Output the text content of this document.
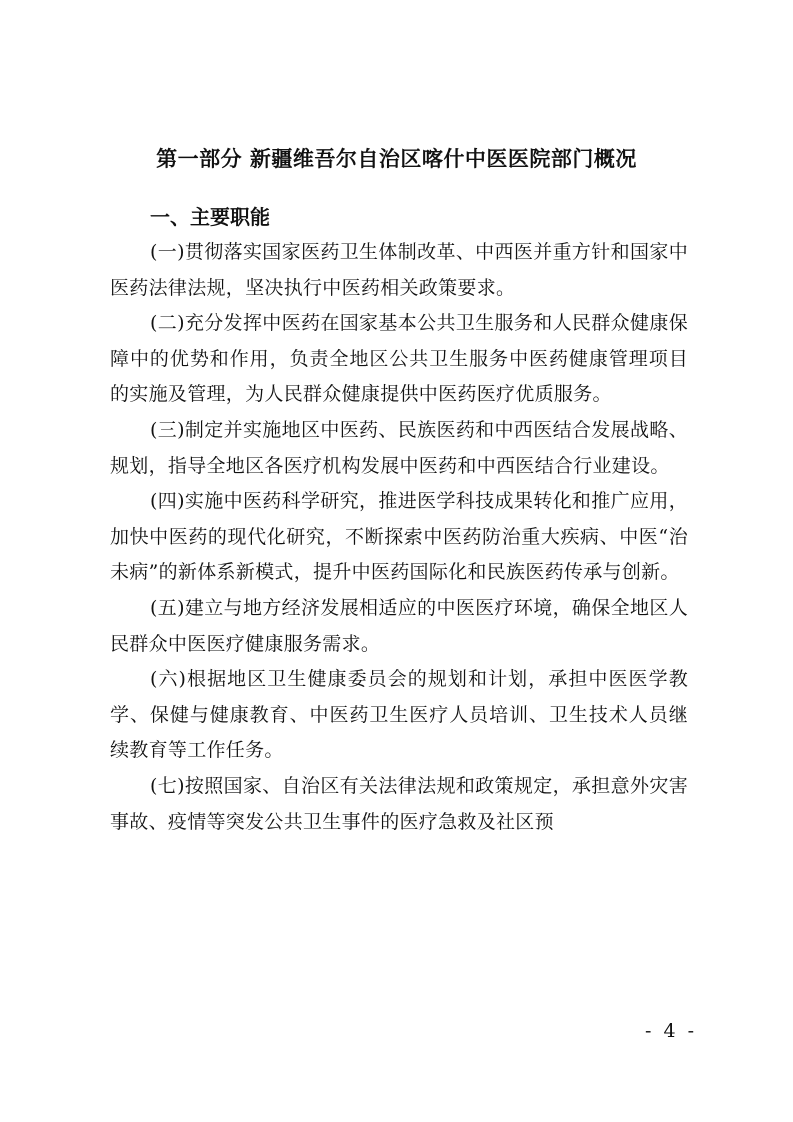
第一部分 新疆维吾尔自治区喀什中医医院部门概况
一、主要职能

(一)贯彻落实国家医药卫生体制改革、中西医并重方针和国家中医药法律法规，坚决执行中医药相关政策要求。

(二)充分发挥中医药在国家基本公共卫生服务和人民群众健康保障中的优势和作用，负责全地区公共卫生服务中医药健康管理项目的实施及管理，为人民群众健康提供中医药医疗优质服务。

(三)制定并实施地区中医药、民族医药和中西医结合发展战略、规划，指导全地区各医疗机构发展中医药和中西医结合行业建设。

(四)实施中医药科学研究，推进医学科技成果转化和推广应用，加快中医药的现代化研究，不断探索中医药防治重大疾病、中医“治未病”的新体系新模式，提升中医药国际化和民族医药传承与创新。

(五)建立与地方经济发展相适应的中医医疗环境，确保全地区人民群众中医医疗健康服务需求。

(六)根据地区卫生健康委员会的规划和计划，承担中医医学教学、保健与健康教育、中医药卫生医疗人员培训、卫生技术人员继续教育等工作任务。

(七)按照国家、自治区有关法律法规和政策规定，承担意外灾害事故、疫情等突发公共卫生事件的医疗急救及社区预

- 4 -
